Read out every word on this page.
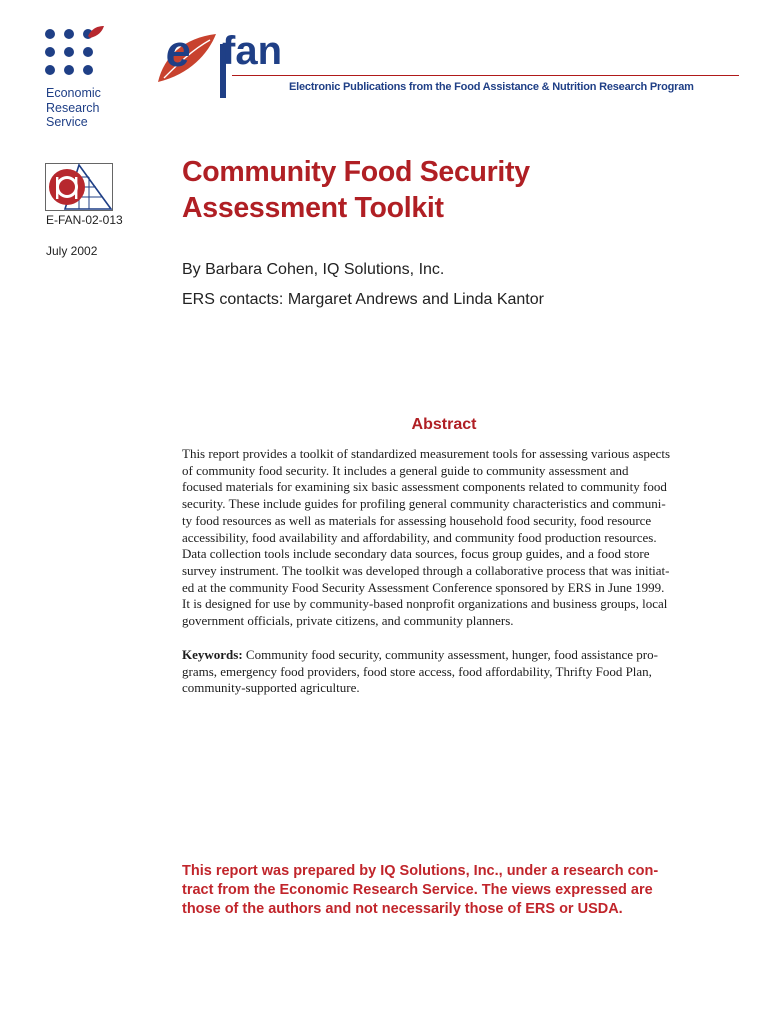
Economic
Research
Service
e fan
Electronic Publications from the Food Assistance & Nutrition Research Program
E-FAN-02-013
July 2002
Community Food Security
Assessment Toolkit
By Barbara Cohen, IQ Solutions, Inc.
ERS contacts: Margaret Andrews and Linda Kantor
Abstract

This report provides a toolkit of standardized measurement tools for assessing various aspects
of community food security. It includes a general guide to community assessment and
focused materials for examining six basic assessment components related to community food
security. These include guides for profiling general community characteristics and communi-
ty food resources as well as materials for assessing household food security, food resource
accessibility, food availability and affordability, and community food production resources.
Data collection tools include secondary data sources, focus group guides, and a food store
survey instrument. The toolkit was developed through a collaborative process that was initiat-
ed at the community Food Security Assessment Conference sponsored by ERS in June 1999.
It is designed for use by community-based nonprofit organizations and business groups, local
government officials, private citizens, and community planners.

Keywords: Community food security, community assessment, hunger, food assistance pro-
grams, emergency food providers, food store access, food affordability, Thrifty Food Plan,
community-supported agriculture.

This report was prepared by IQ Solutions, Inc., under a research con-
tract from the Economic Research Service. The views expressed are
those of the authors and not necessarily those of ERS or USDA.
